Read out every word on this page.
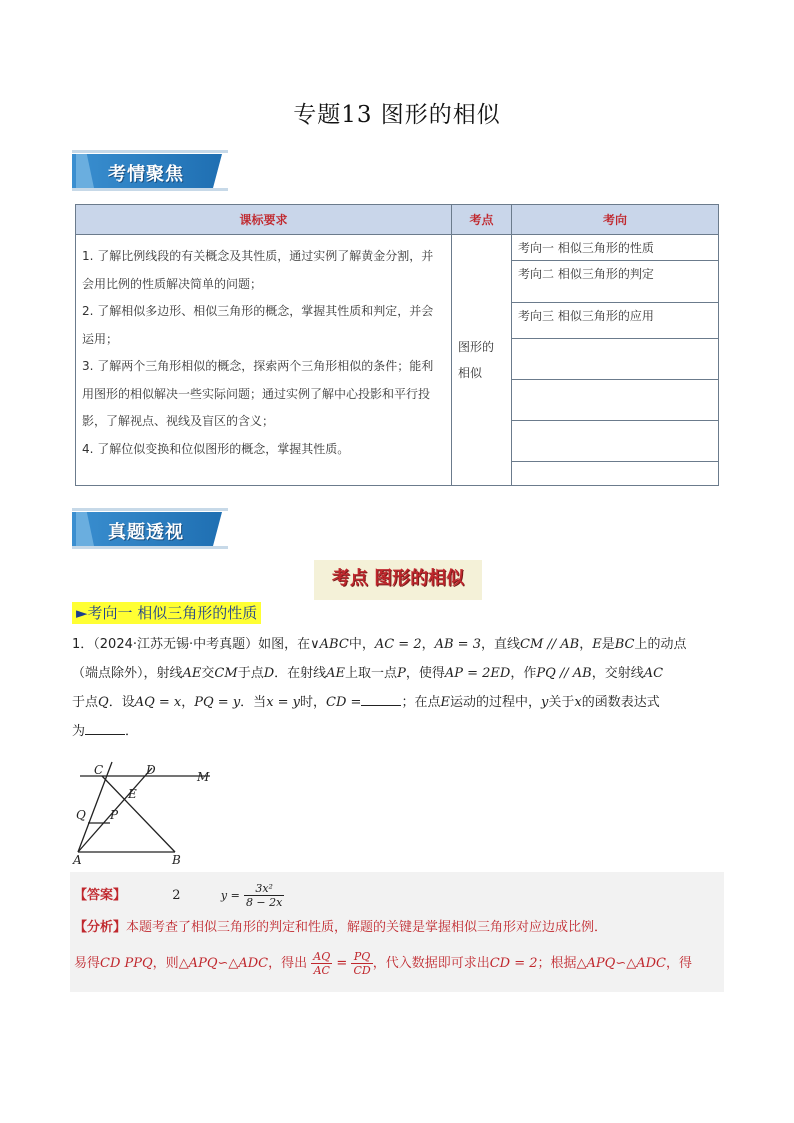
专题13 图形的相似
考情聚焦
课标要求	考点	考向

1. 了解比例线段的有关概念及其性质，通过实例了解黄金分割，并会用比例的性质解决简单的问题；
2. 了解相似多边形、相似三角形的概念，掌握其性质和判定，并会运用；
3. 了解两个三角形相似的概念，探索两个三角形相似的条件；能利用图形的相似解决一些实际问题；通过实例了解中心投影和平行投影，了解视点、视线及盲区的含义；
4. 了解位似变换和位似图形的概念，掌握其性质。	图形的相似	考向一 相似三角形的性质
		考向二 相似三角形的判定
		考向三 相似三角形的应用

真题透视
考点 图形的相似
►考向一 相似三角形的性质
1．（2024·江苏无锡·中考真题）如图，在∨ABC中，AC = 2，AB = 3，直线CM // AB，E是BC上的动点
（端点除外），射线AE交CM于点D．在射线AE上取一点P，使得AP = 2ED，作PQ // AB，交射线AC
于点Q．设AQ = x，PQ = y．当x = y时，CD =	；在点E运动的过程中，y关于x的函数表达式
为	．
C	D	M
E
Q P
A	B
【答案】	2	$y = \frac{\text{3x²}}{8 - 2x}$
【分析】本题考查了相似三角形的判定和性质，解题的关键是掌握相似三角形对应边成比例．
易得CD PPQ，则△APQ∽△ADC，得出 $\frac{AQ}{AC} = \frac{PQ}{CD}$ ，代入数据即可求出CD = 2；根据△APQ∽△ADC，得
